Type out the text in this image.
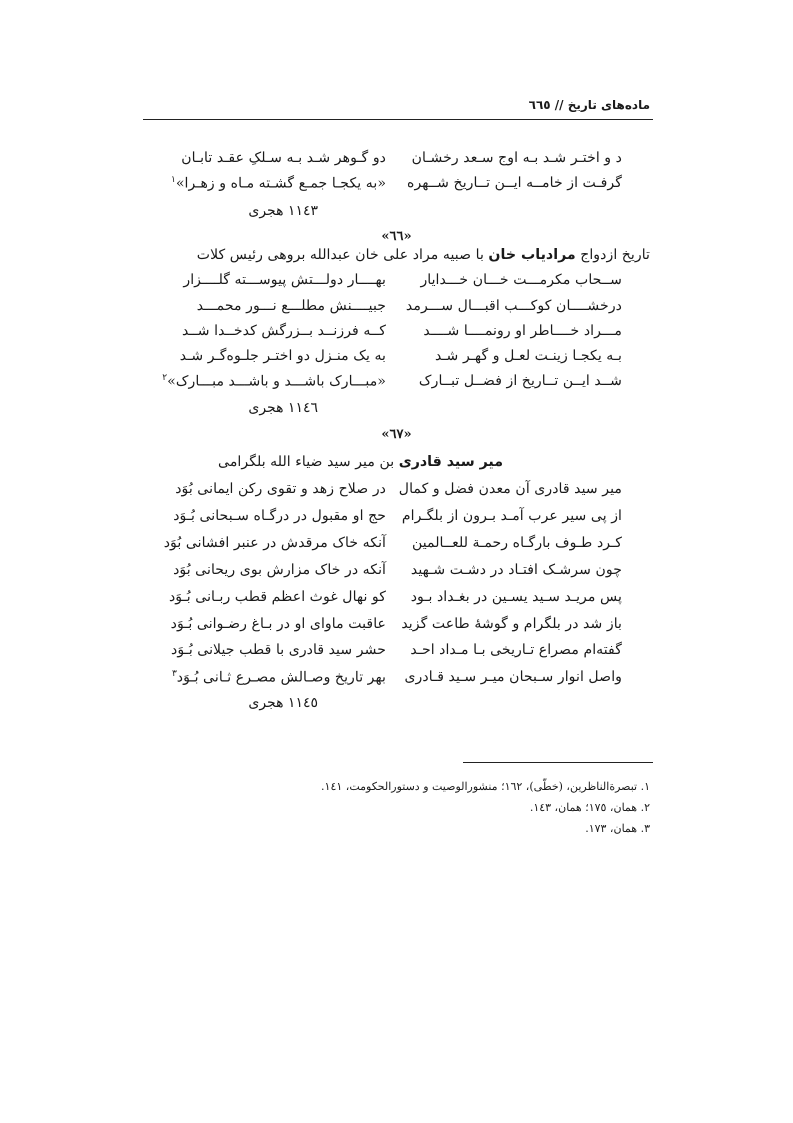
ماده‌های تاریخ // ٦٦٥
د و اختـر شـد بـه اوج سـعد رخشـان
دو گـوهر شـد بـه سـلکِ عقـد تابـان
گرفـت از خامــه ایــن تــاریخ شــهره
«به یکجـا جمـع گشـته مـاه و زهـرا»$^١$
١١٤٣ هجری
«٦٦»
تاریخ ازدواج مرادیاب خان با صبیه مراد علی خان عبدالله بروهی رئیس کلات
ســحاب مکرمـــت خـــان خـــدایار
بهــــار دولـــتش پیوســـته گلــــزار
درخشــــان کوکـــب اقبـــال ســـرمد
جبیــــنش مطلـــع نـــور محمـــد
مـــراد خــــاطر او رونمــــا شــــد
کــه فرزنــد بــزرگش کدخــدا شــد
بـه یکجـا زینـت لعـل و گهـر شـد
به یک منـزل دو اختـر جلـوه‌گـر شـد
شــد ایــن تــاریخ از فضــل تبــارک
«مبـــارک باشـــد و باشـــد مبـــارک»$^٢$
١١٤٦ هجری
«٦٧»
میر سید قادری بن میر سید ضیاء الله بلگرامی
میر سید قادری آن معدن فضل و کمال
در صلاح زهد و تقوی رکن ایمانی بُوَد
از پی سیر عرب آمـد بـرون از بلگـرام
حج او مقبول در درگـاه سـبحانی بُـوَد
کـرد طـوف بارگـاه رحمـة للعــالمین
آنکه خاک مرقدش در عنبر افشانی بُوَد
چون سرشـک افتـاد در دشـت شـهید
آنکه در خاک مزارش بوی ریحانی بُوَد
پس مریـد سـید یسـین در بغـداد بـود
کو نهال غوث اعظم قطب ربـانی بُـوَد
باز شد در بلگرام و گوشهٔ طاعت گزید
عاقبت ماوای او در بـاغ رضـوانی بُـوَد
گفته‌ام مصراع تـاریخی بـا مـداد احـد
حشر سید قادری با قطب جیلانی بُـوَد
واصل انوار سـبحان میـر سـید قـادری
بهر تاریخ وصـالش مصـرع ثـانی بُـوَد$^٣$
١١٤٥ هجری
١. تبصرةالناظرین، (خطّی)، ١٦٢؛ منشورالوصیت و دستورالحکومت، ١٤١.
٢. همان، ١٧٥؛ همان، ١٤٣.
٣. همان، ١٧٣.
